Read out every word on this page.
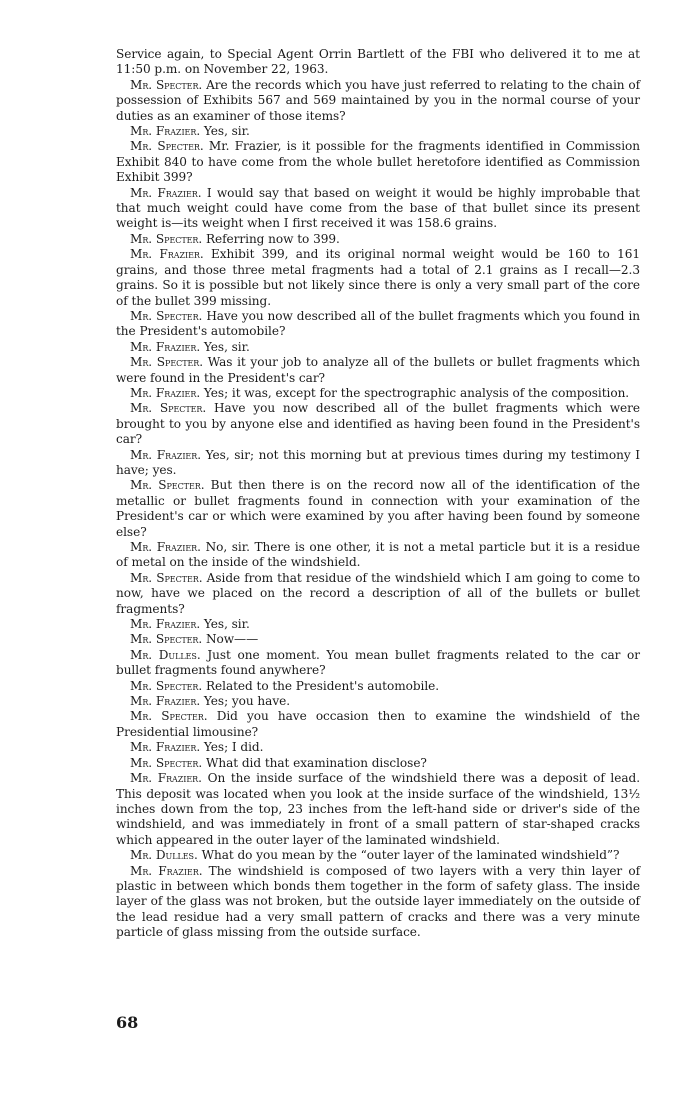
Service again, to Special Agent Orrin Bartlett of the FBI who delivered it to me at 11:50 p.m. on November 22, 1963.

Mr. Specter. Are the records which you have just referred to relating to the chain of possession of Exhibits 567 and 569 maintained by you in the normal course of your duties as an examiner of those items?

Mr. Frazier. Yes, sir.

Mr. Specter. Mr. Frazier, is it possible for the fragments identified in Commission Exhibit 840 to have come from the whole bullet heretofore identified as Commission Exhibit 399?

Mr. Frazier. I would say that based on weight it would be highly improbable that that much weight could have come from the base of that bullet since its present weight is—its weight when I first received it was 158.6 grains.

Mr. Specter. Referring now to 399.

Mr. Frazier. Exhibit 399, and its original normal weight would be 160 to 161 grains, and those three metal fragments had a total of 2.1 grains as I recall—2.3 grains. So it is possible but not likely since there is only a very small part of the core of the bullet 399 missing.

Mr. Specter. Have you now described all of the bullet fragments which you found in the President's automobile?

Mr. Frazier. Yes, sir.

Mr. Specter. Was it your job to analyze all of the bullets or bullet fragments which were found in the President's car?

Mr. Frazier. Yes; it was, except for the spectrographic analysis of the composition.

Mr. Specter. Have you now described all of the bullet fragments which were brought to you by anyone else and identified as having been found in the President's car?

Mr. Frazier. Yes, sir; not this morning but at previous times during my testimony I have; yes.

Mr. Specter. But then there is on the record now all of the identification of the metallic or bullet fragments found in connection with your examination of the President's car or which were examined by you after having been found by someone else?

Mr. Frazier. No, sir. There is one other, it is not a metal particle but it is a residue of metal on the inside of the windshield.

Mr. Specter. Aside from that residue of the windshield which I am going to come to now, have we placed on the record a description of all of the bullets or bullet fragments?

Mr. Frazier. Yes, sir.

Mr. Specter. Now——

Mr. Dulles. Just one moment. You mean bullet fragments related to the car or bullet fragments found anywhere?

Mr. Specter. Related to the President's automobile.

Mr. Frazier. Yes; you have.

Mr. Specter. Did you have occasion then to examine the windshield of the Presidential limousine?

Mr. Frazier. Yes; I did.

Mr. Specter. What did that examination disclose?

Mr. Frazier. On the inside surface of the windshield there was a deposit of lead. This deposit was located when you look at the inside surface of the windshield, 13½ inches down from the top, 23 inches from the left-hand side or driver's side of the windshield, and was immediately in front of a small pattern of star-shaped cracks which appeared in the outer layer of the laminated windshield.

Mr. Dulles. What do you mean by the “outer layer of the laminated windshield”?

Mr. Frazier. The windshield is composed of two layers with a very thin layer of plastic in between which bonds them together in the form of safety glass. The inside layer of the glass was not broken, but the outside layer immediately on the outside of the lead residue had a very small pattern of cracks and there was a very minute particle of glass missing from the outside surface.

68
